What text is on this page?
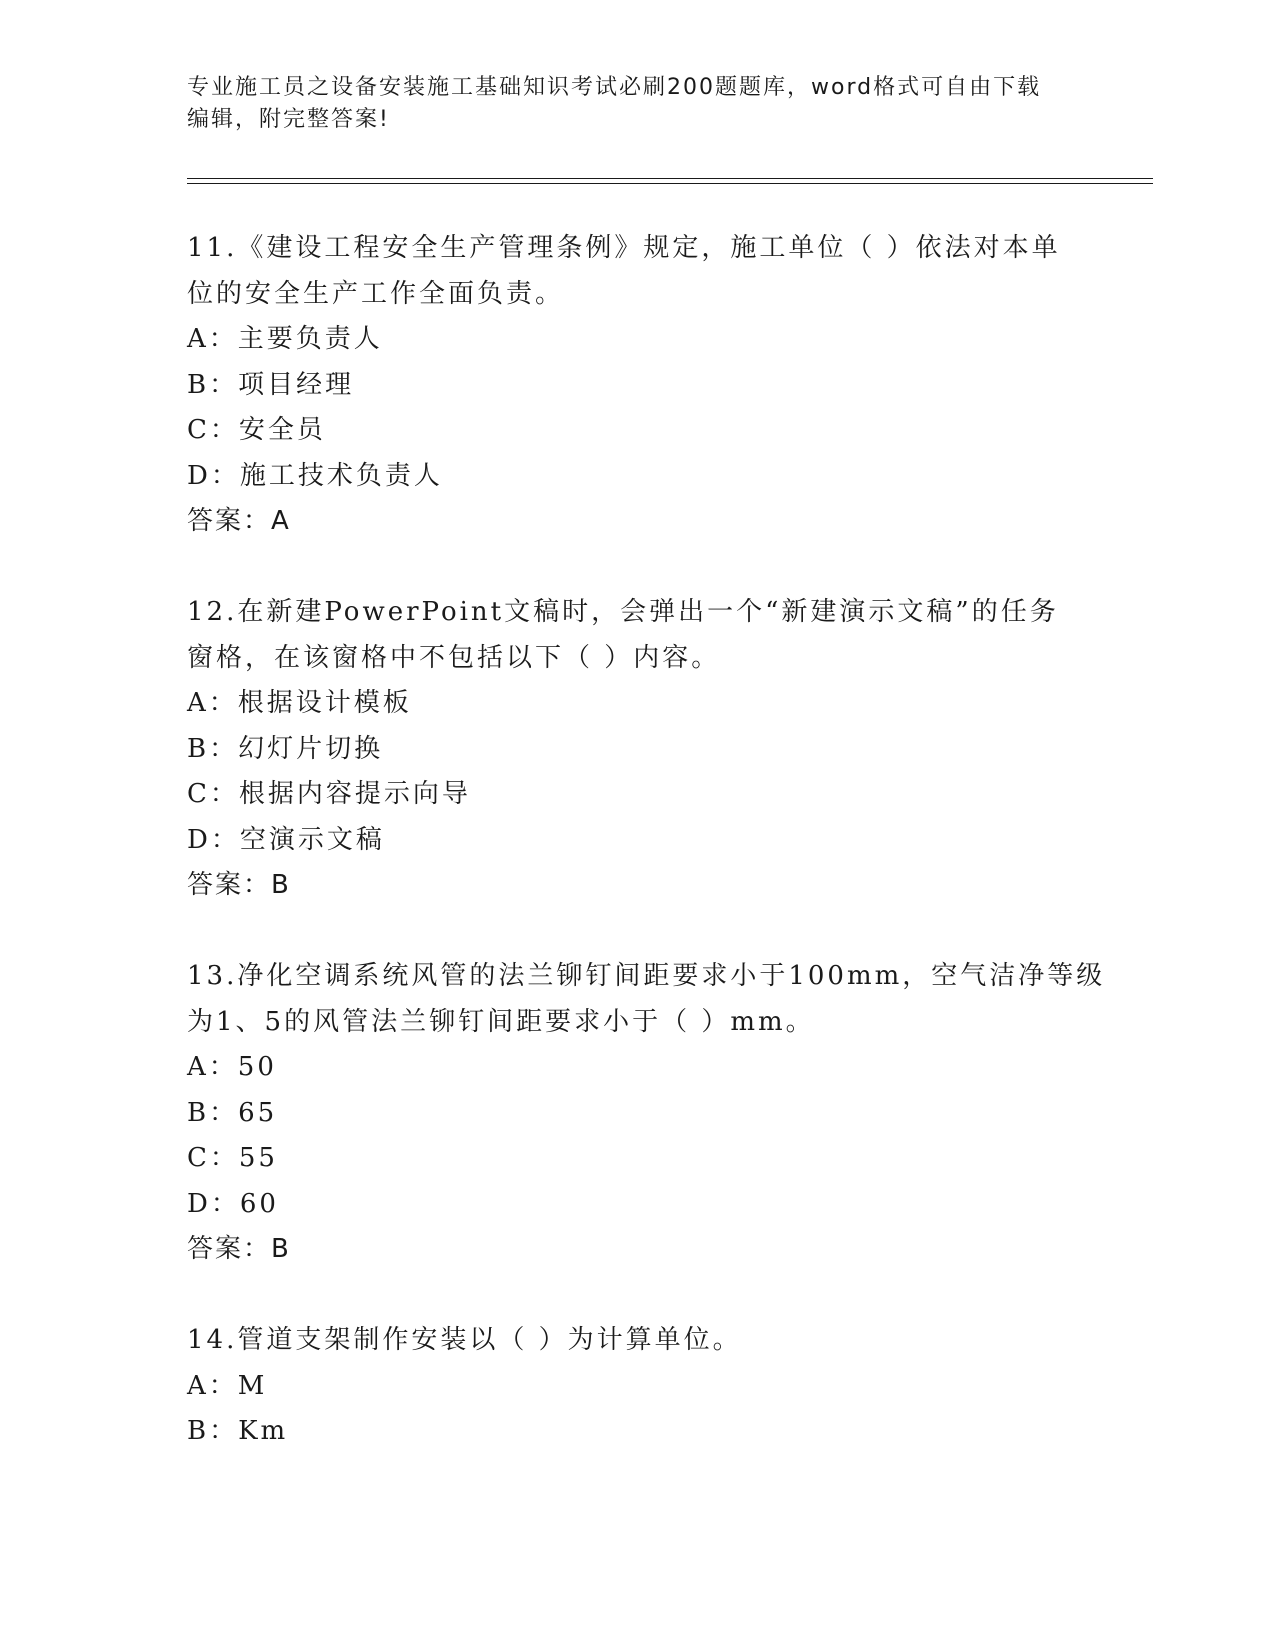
专业施工员之设备安装施工基础知识考试必刷200题题库，word格式可自由下载
编辑，附完整答案!
11.《建设工程安全生产管理条例》规定，施工单位（ ）依法对本单
位的安全生产工作全面负责。
A：主要负责人
B：项目经理
C：安全员
D：施工技术负责人
答案：A
12.在新建PowerPoint文稿时，会弹出一个“新建演示文稿”的任务
窗格，在该窗格中不包括以下（ ）内容。
A：根据设计模板
B：幻灯片切换
C：根据内容提示向导
D：空演示文稿
答案：B
13.净化空调系统风管的法兰铆钉间距要求小于100mm，空气洁净等级
为1、5的风管法兰铆钉间距要求小于（ ）mm。
A：50
B：65
C：55
D：60
答案：B
14.管道支架制作安装以（ ）为计算单位。
A：M
B：Km
